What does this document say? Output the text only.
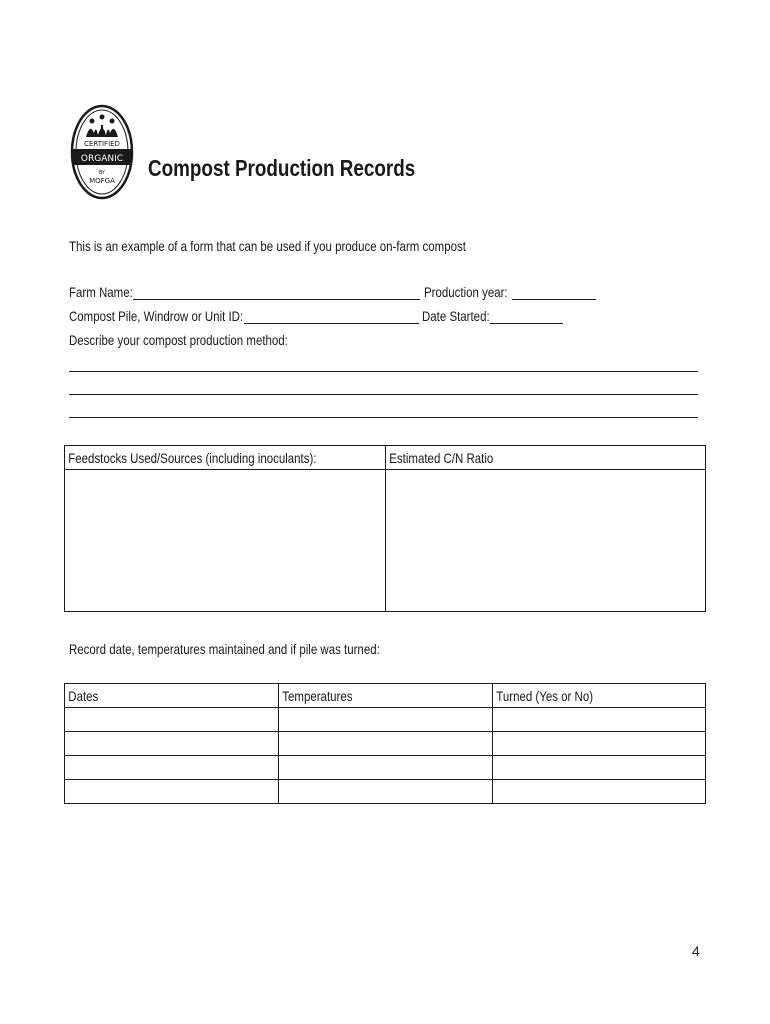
CERTIFIED
ORGANIC
BY
MOFGA Compost Production Records
This is an example of a form that can be used if you produce on-farm compost
Farm Name:	Production year:
Compost Pile, Windrow or Unit ID:	Date Started:
Describe your compost production method:
Feedstocks Used/Sources (including inoculants):	Estimated C/N Ratio

Record date, temperatures maintained and if pile was turned:
Dates	Temperatures	Turned (Yes or No)

4
